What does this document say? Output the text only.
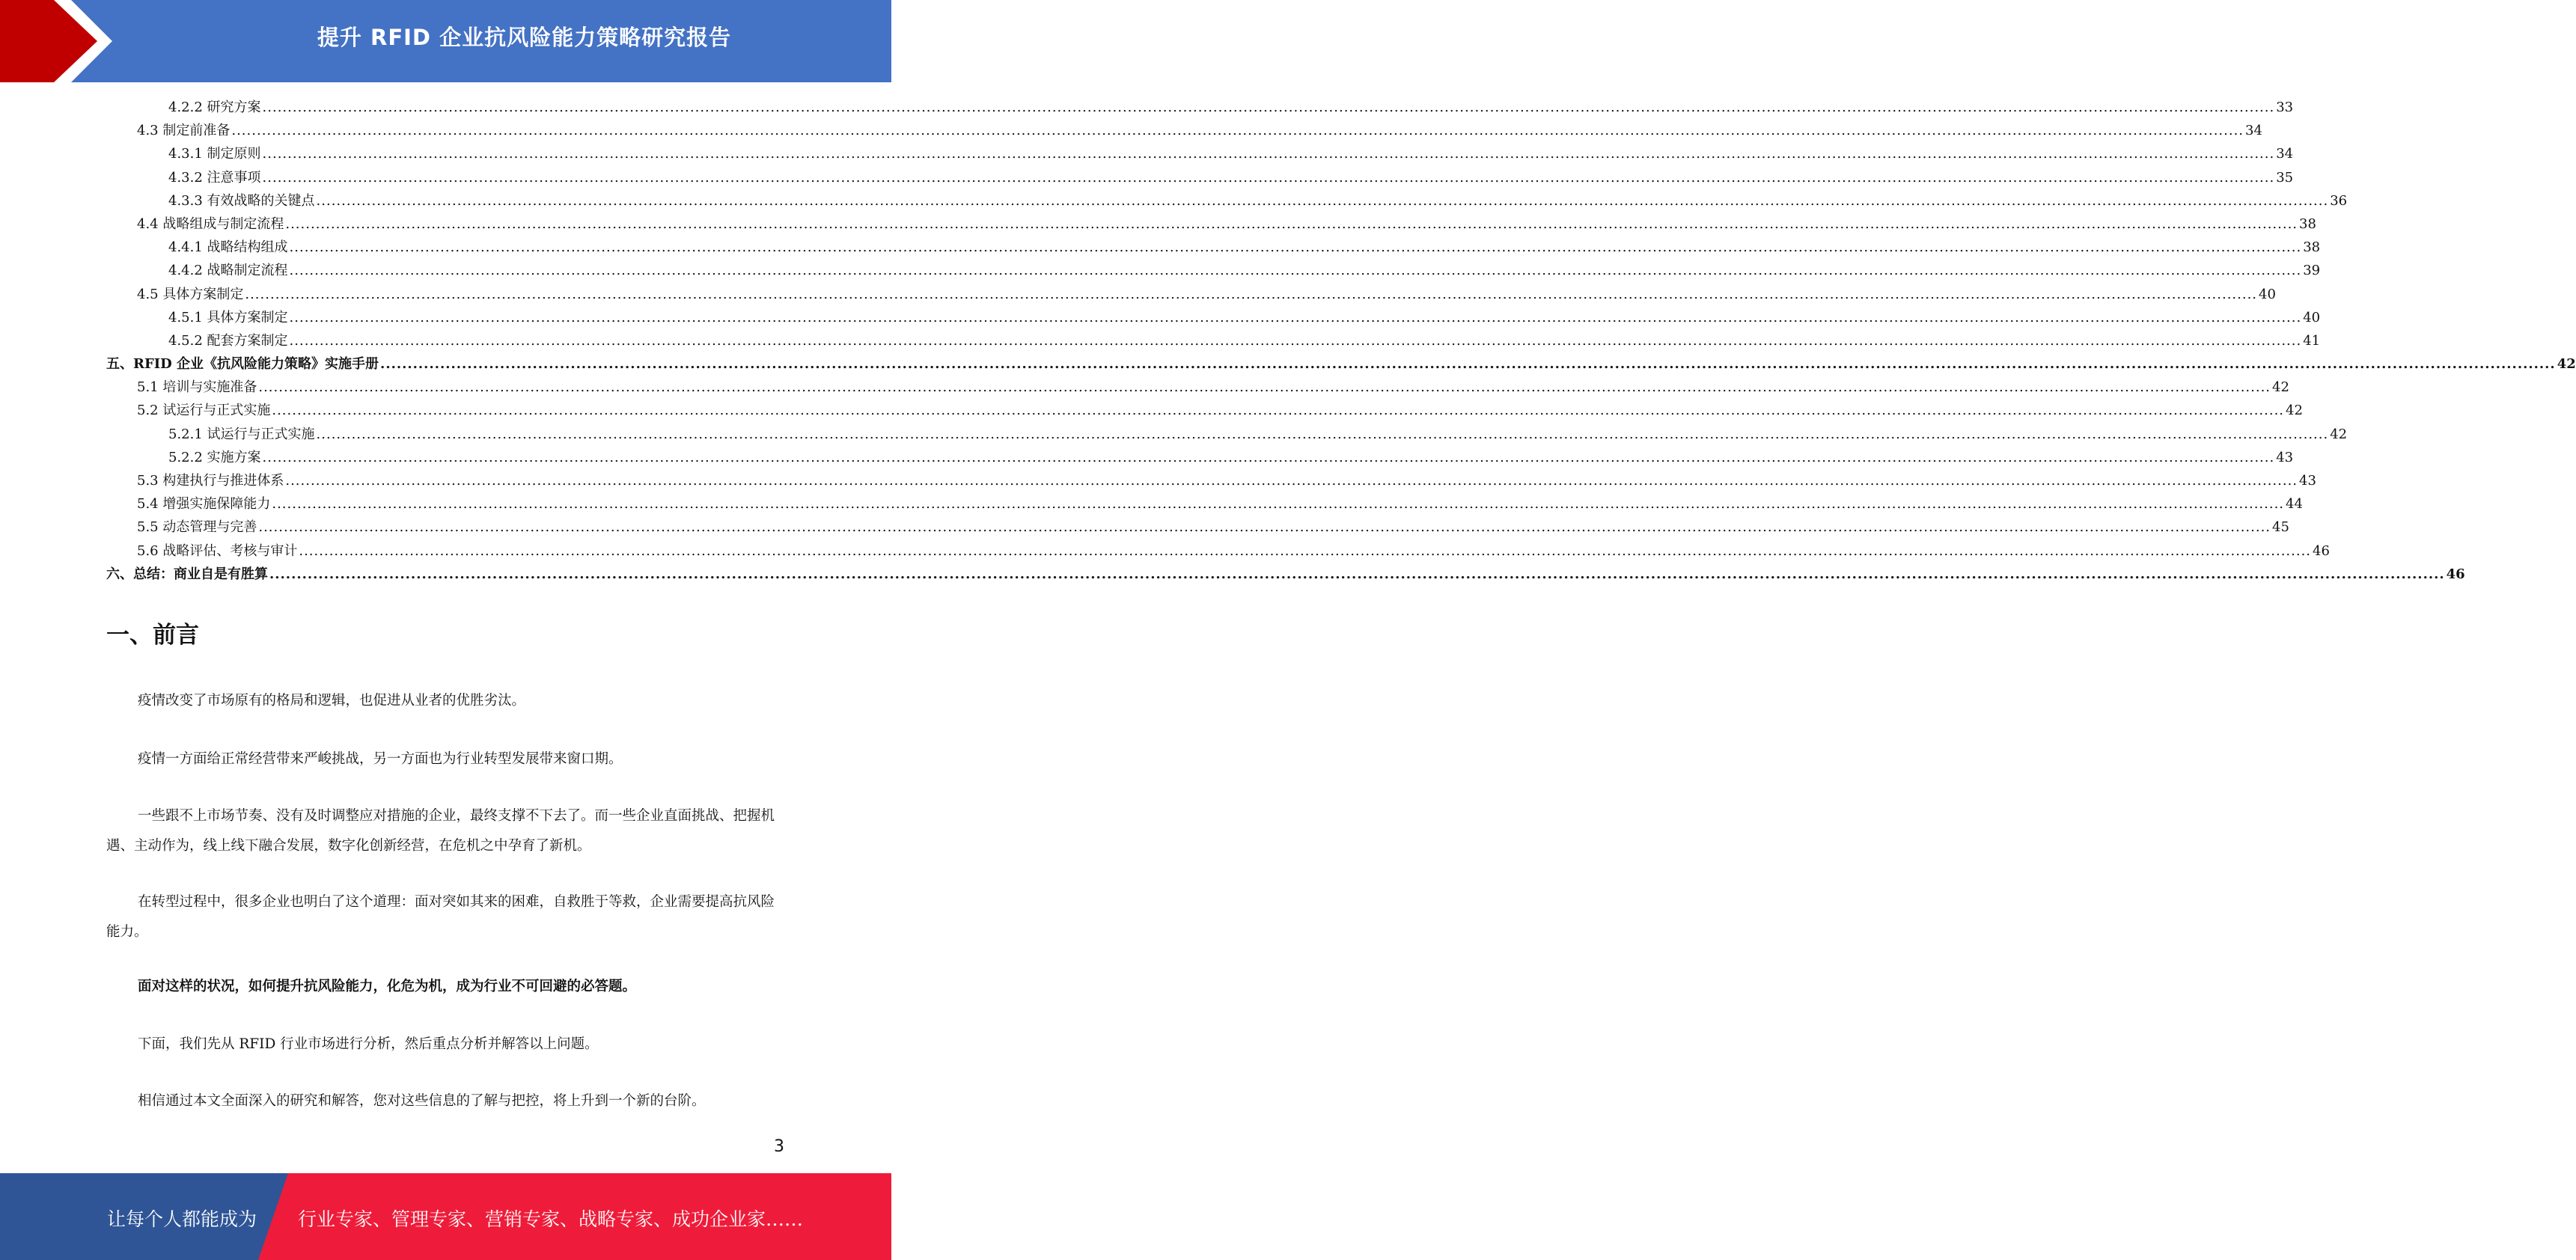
提升 RFID 企业抗风险能力策略研究报告
4.2.2 研究方案 ................................................................................................................................................................................................................................................................................................................................................................................................................ 33
4.3 制定前准备 ................................................................................................................................................................................................................................................................................................................................................................................................................ 34
4.3.1 制定原则 ................................................................................................................................................................................................................................................................................................................................................................................................................ 34
4.3.2 注意事项 ................................................................................................................................................................................................................................................................................................................................................................................................................ 35
4.3.3 有效战略的关键点 ................................................................................................................................................................................................................................................................................................................................................................................................................ 36
4.4 战略组成与制定流程 ................................................................................................................................................................................................................................................................................................................................................................................................................ 38
4.4.1 战略结构组成 ................................................................................................................................................................................................................................................................................................................................................................................................................ 38
4.4.2 战略制定流程 ................................................................................................................................................................................................................................................................................................................................................................................................................ 39
4.5 具体方案制定 ................................................................................................................................................................................................................................................................................................................................................................................................................ 40
4.5.1 具体方案制定 ................................................................................................................................................................................................................................................................................................................................................................................................................ 40
4.5.2 配套方案制定 ................................................................................................................................................................................................................................................................................................................................................................................................................ 41
五、RFID 企业《抗风险能力策略》实施手册 ................................................................................................................................................................................................................................................................................................................................................................................................................ 42
5.1 培训与实施准备 ................................................................................................................................................................................................................................................................................................................................................................................................................ 42
5.2 试运行与正式实施 ................................................................................................................................................................................................................................................................................................................................................................................................................ 42
5.2.1 试运行与正式实施 ................................................................................................................................................................................................................................................................................................................................................................................................................ 42
5.2.2 实施方案 ................................................................................................................................................................................................................................................................................................................................................................................................................ 43
5.3 构建执行与推进体系 ................................................................................................................................................................................................................................................................................................................................................................................................................ 43
5.4 增强实施保障能力 ................................................................................................................................................................................................................................................................................................................................................................................................................ 44
5.5 动态管理与完善 ................................................................................................................................................................................................................................................................................................................................................................................................................ 45
5.6 战略评估、考核与审计 ................................................................................................................................................................................................................................................................................................................................................................................................................ 46
六、总结：商业自是有胜算 ................................................................................................................................................................................................................................................................................................................................................................................................................ 46
一、前言

疫情改变了市场原有的格局和逻辑，也促进从业者的优胜劣汰。

疫情一方面给正常经营带来严峻挑战，另一方面也为行业转型发展带来窗口期。

一些跟不上市场节奏、没有及时调整应对措施的企业，最终支撑不下去了。而一些企业直面挑战、把握机遇、主动作为，线上线下融合发展，数字化创新经营，在危机之中孕育了新机。

在转型过程中，很多企业也明白了这个道理：面对突如其来的困难，自救胜于等救，企业需要提高抗风险能力。

面对这样的状况，如何提升抗风险能力，化危为机，成为行业不可回避的必答题。

下面，我们先从 RFID 行业市场进行分析，然后重点分析并解答以上问题。

相信通过本文全面深入的研究和解答，您对这些信息的了解与把控，将上升到一个新的台阶。

3
让每个人都能成为 行业专家、管理专家、营销专家、战略专家、成功企业家……
